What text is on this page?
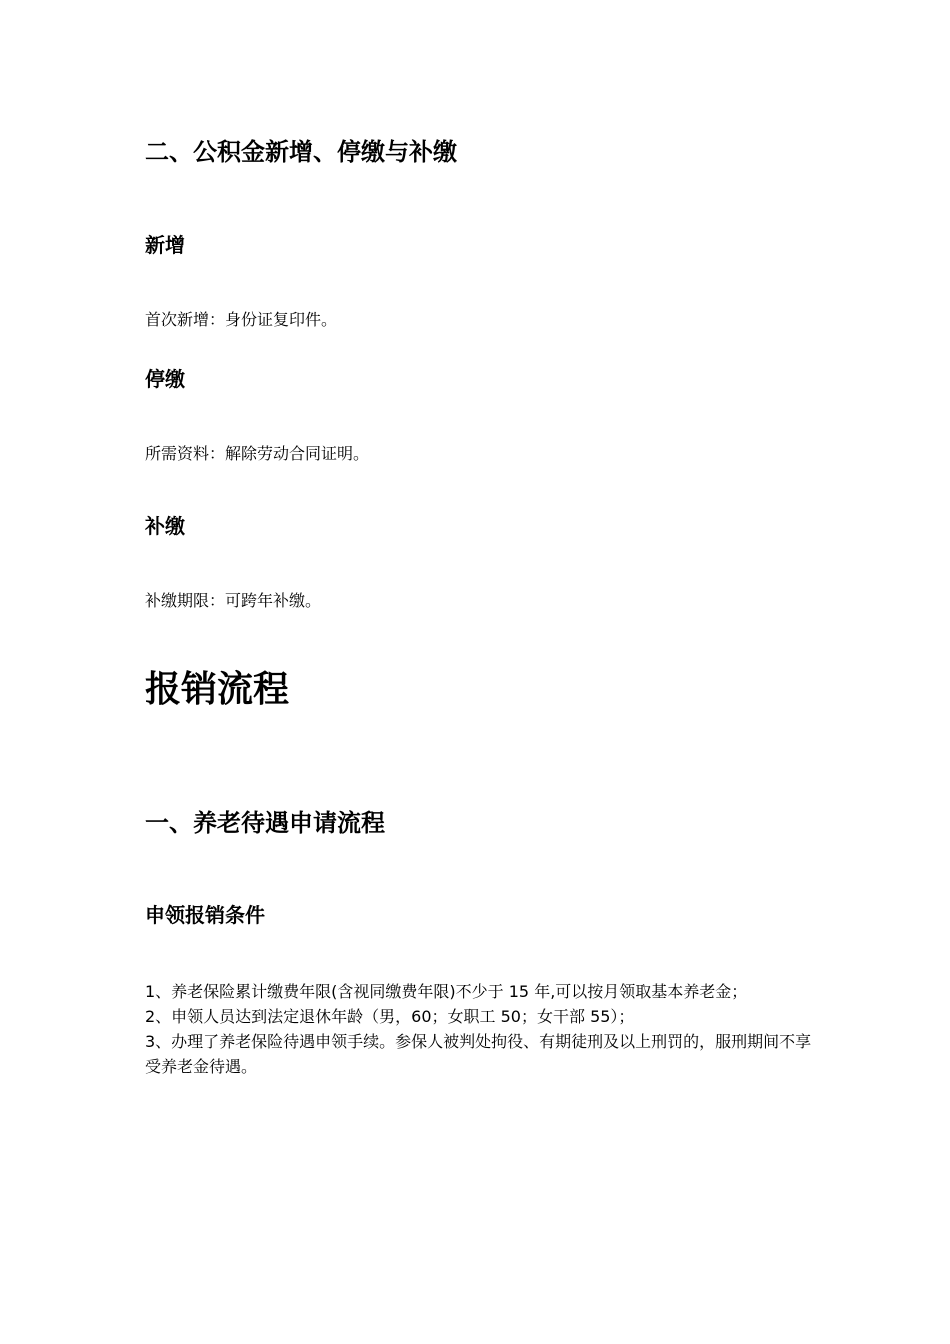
二、公积金新增、停缴与补缴
新增

首次新增：身份证复印件。

停缴

所需资料：解除劳动合同证明。

补缴

补缴期限：可跨年补缴。

报销流程
一、养老待遇申请流程
申领报销条件
1、养老保险累计缴费年限(含视同缴费年限)不少于 15 年,可以按月领取基本养老金；
2、申领人员达到法定退休年龄（男，60；女职工 50；女干部 55）；
3、办理了养老保险待遇申领手续。参保人被判处拘役、有期徒刑及以上刑罚的，服刑期间不享受养老金待遇。
